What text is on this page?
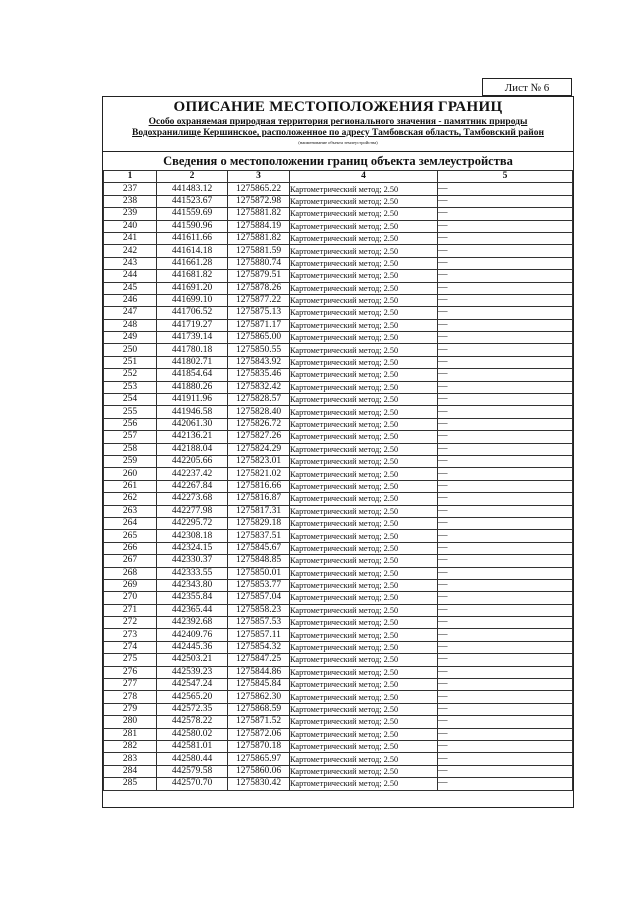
Лист № 6
ОПИСАНИЕ МЕСТОПОЛОЖЕНИЯ ГРАНИЦ
Особо охраняемая природная территория регионального значения - памятник природы
Водохранилище Кершинское, расположенное по адресу Тамбовская область, Тамбовский район
(наименование объекта землеустройства)
Сведения о местоположении границ объекта землеустройства
1	2	3	4	5
237	441483.12	1275865.22	Картометрический метод; 2.50	—
238	441523.67	1275872.98	Картометрический метод; 2.50	—
239	441559.69	1275881.82	Картометрический метод; 2.50	—
240	441590.96	1275884.19	Картометрический метод; 2.50	—
241	441611.66	1275881.82	Картометрический метод; 2.50	—
242	441614.18	1275881.59	Картометрический метод; 2.50	—
243	441661.28	1275880.74	Картометрический метод; 2.50	—
244	441681.82	1275879.51	Картометрический метод; 2.50	—
245	441691.20	1275878.26	Картометрический метод; 2.50	—
246	441699.10	1275877.22	Картометрический метод; 2.50	—
247	441706.52	1275875.13	Картометрический метод; 2.50	—
248	441719.27	1275871.17	Картометрический метод; 2.50	—
249	441739.14	1275865.00	Картометрический метод; 2.50	—
250	441780.18	1275850.55	Картометрический метод; 2.50	—
251	441802.71	1275843.92	Картометрический метод; 2.50	—
252	441854.64	1275835.46	Картометрический метод; 2.50	—
253	441880.26	1275832.42	Картометрический метод; 2.50	—
254	441911.96	1275828.57	Картометрический метод; 2.50	—
255	441946.58	1275828.40	Картометрический метод; 2.50	—
256	442061.30	1275826.72	Картометрический метод; 2.50	—
257	442136.21	1275827.26	Картометрический метод; 2.50	—
258	442188.04	1275824.29	Картометрический метод; 2.50	—
259	442205.66	1275823.01	Картометрический метод; 2.50	—
260	442237.42	1275821.02	Картометрический метод; 2.50	—
261	442267.84	1275816.66	Картометрический метод; 2.50	—
262	442273.68	1275816.87	Картометрический метод; 2.50	—
263	442277.98	1275817.31	Картометрический метод; 2.50	—
264	442295.72	1275829.18	Картометрический метод; 2.50	—
265	442308.18	1275837.51	Картометрический метод; 2.50	—
266	442324.15	1275845.67	Картометрический метод; 2.50	—
267	442330.37	1275848.85	Картометрический метод; 2.50	—
268	442333.55	1275850.01	Картометрический метод; 2.50	—
269	442343.80	1275853.77	Картометрический метод; 2.50	—
270	442355.84	1275857.04	Картометрический метод; 2.50	—
271	442365.44	1275858.23	Картометрический метод; 2.50	—
272	442392.68	1275857.53	Картометрический метод; 2.50	—
273	442409.76	1275857.11	Картометрический метод; 2.50	—
274	442445.36	1275854.32	Картометрический метод; 2.50	—
275	442503.21	1275847.25	Картометрический метод; 2.50	—
276	442539.23	1275844.86	Картометрический метод; 2.50	—
277	442547.24	1275845.84	Картометрический метод; 2.50	—
278	442565.20	1275862.30	Картометрический метод; 2.50	—
279	442572.35	1275868.59	Картометрический метод; 2.50	—
280	442578.22	1275871.52	Картометрический метод; 2.50	—
281	442580.02	1275872.06	Картометрический метод; 2.50	—
282	442581.01	1275870.18	Картометрический метод; 2.50	—
283	442580.44	1275865.97	Картометрический метод; 2.50	—
284	442579.58	1275860.06	Картометрический метод; 2.50	—
285	442570.70	1275830.42	Картометрический метод; 2.50	—
